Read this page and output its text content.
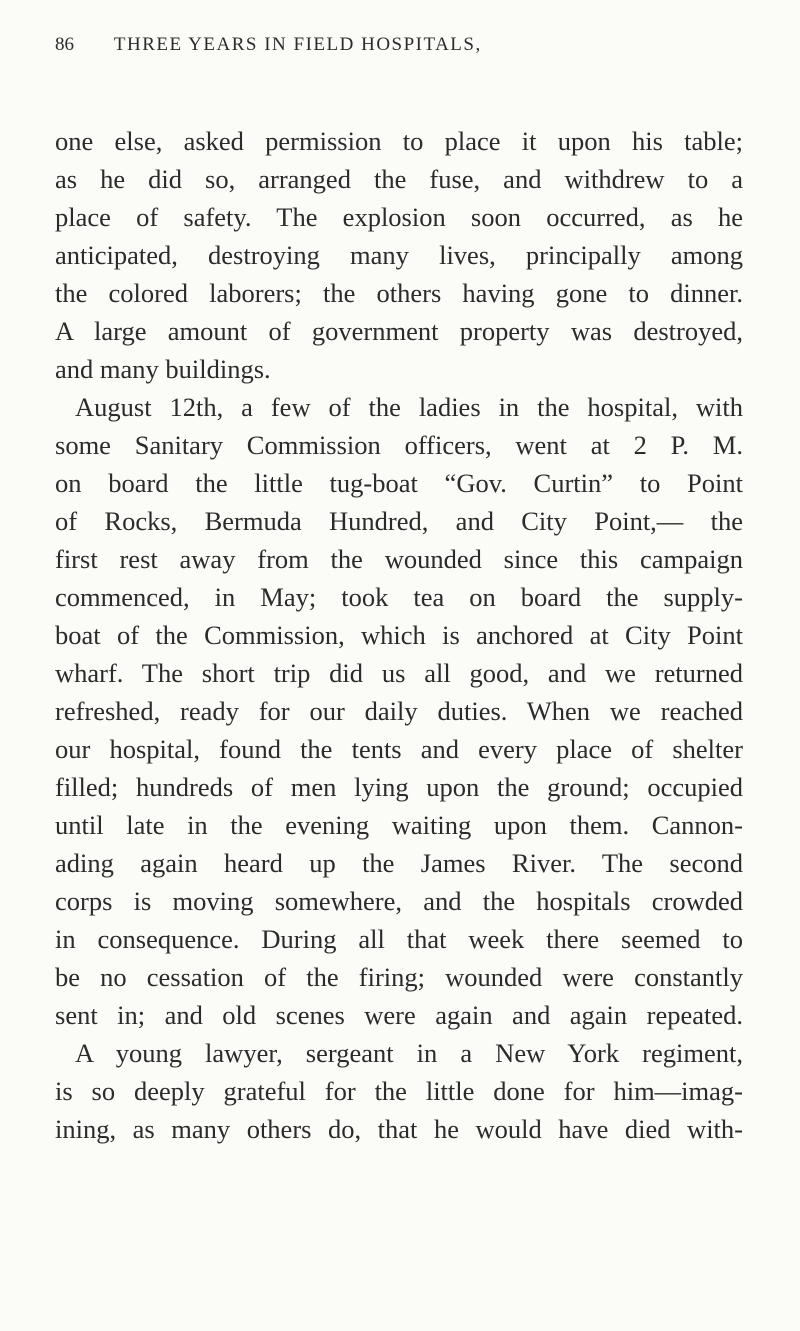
86 THREE YEARS IN FIELD HOSPITALS,
one else, asked permission to place it upon his table;
as he did so, arranged the fuse, and withdrew to a
place of safety. The explosion soon occurred, as he
anticipated, destroying many lives, principally among
the colored laborers; the others having gone to dinner.
A large amount of government property was destroyed,
and many buildings.
August 12th, a few of the ladies in the hospital, with
some Sanitary Commission officers, went at 2 P. M.
on board the little tug-boat “Gov. Curtin” to Point
of Rocks, Bermuda Hundred, and City Point,— the
first rest away from the wounded since this campaign
commenced, in May; took tea on board the supply-
boat of the Commission, which is anchored at City Point
wharf. The short trip did us all good, and we returned
refreshed, ready for our daily duties. When we reached
our hospital, found the tents and every place of shelter
filled; hundreds of men lying upon the ground; occupied
until late in the evening waiting upon them. Cannon-
ading again heard up the James River. The second
corps is moving somewhere, and the hospitals crowded
in consequence. During all that week there seemed to
be no cessation of the firing; wounded were constantly
sent in; and old scenes were again and again repeated.
A young lawyer, sergeant in a New York regiment,
is so deeply grateful for the little done for him—imag-
ining, as many others do, that he would have died with-
